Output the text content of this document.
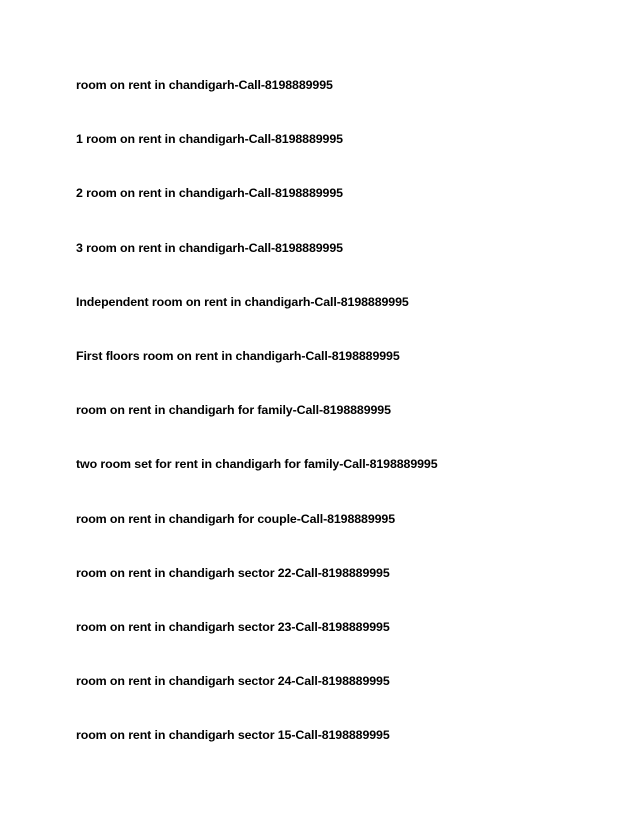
room on rent in chandigarh-Call-8198889995
1 room on rent in chandigarh-Call-8198889995
2 room on rent in chandigarh-Call-8198889995
3 room on rent in chandigarh-Call-8198889995
Independent room on rent in chandigarh-Call-8198889995
First floors room on rent in chandigarh-Call-8198889995
room on rent in chandigarh for family-Call-8198889995
two room set for rent in chandigarh for family-Call-8198889995
room on rent in chandigarh for couple-Call-8198889995
room on rent in chandigarh sector 22-Call-8198889995
room on rent in chandigarh sector 23-Call-8198889995
room on rent in chandigarh sector 24-Call-8198889995
room on rent in chandigarh sector 15-Call-8198889995
